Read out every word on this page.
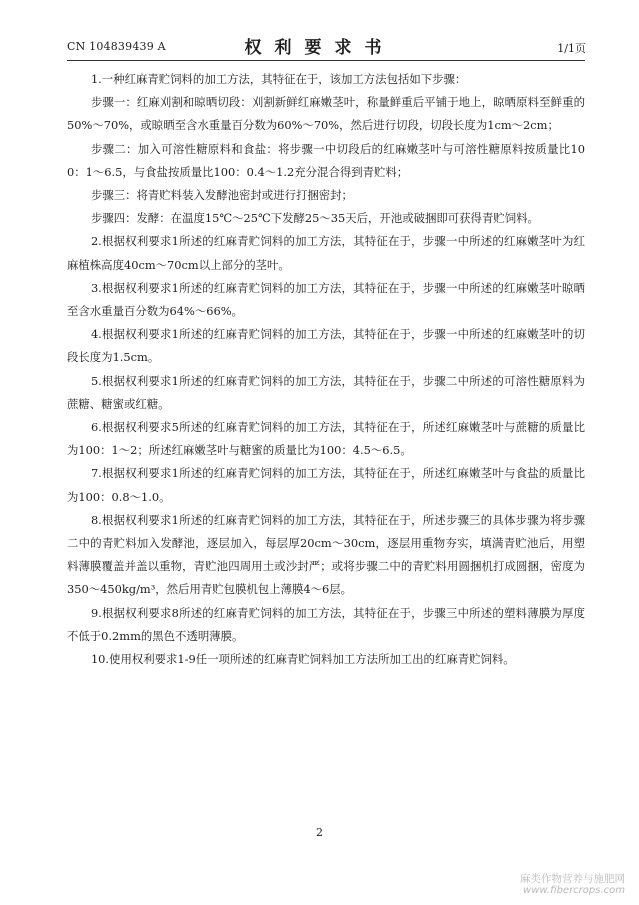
CN 104839439 A	权利要求书	1/1页

1.一种红麻青贮饲料的加工方法，其特征在于，该加工方法包括如下步骤：

步骤一：红麻刈割和晾晒切段：刈割新鲜红麻嫩茎叶，称量鲜重后平铺于地上，晾晒原料至鲜重的50%～70%，或晾晒至含水重量百分数为60%～70%，然后进行切段，切段长度为1cm～2cm；

步骤二：加入可溶性糖原料和食盐：将步骤一中切段后的红麻嫩茎叶与可溶性糖原料按质量比100：1～6.5，与食盐按质量比100：0.4～1.2充分混合得到青贮料；

步骤三：将青贮料装入发酵池密封或进行打捆密封；

步骤四：发酵：在温度15℃～25℃下发酵25～35天后，开池或破捆即可获得青贮饲料。

2.根据权利要求1所述的红麻青贮饲料的加工方法，其特征在于，步骤一中所述的红麻嫩茎叶为红麻植株高度40cm～70cm以上部分的茎叶。

3.根据权利要求1所述的红麻青贮饲料的加工方法，其特征在于，步骤一中所述的红麻嫩茎叶晾晒至含水重量百分数为64%～66%。

4.根据权利要求1所述的红麻青贮饲料的加工方法，其特征在于，步骤一中所述的红麻嫩茎叶的切段长度为1.5cm。

5.根据权利要求1所述的红麻青贮饲料的加工方法，其特征在于，步骤二中所述的可溶性糖原料为蔗糖、糖蜜或红糖。

6.根据权利要求5所述的红麻青贮饲料的加工方法，其特征在于，所述红麻嫩茎叶与蔗糖的质量比为100：1～2；所述红麻嫩茎叶与糖蜜的质量比为100：4.5～6.5。

7.根据权利要求1所述的红麻青贮饲料的加工方法，其特征在于，所述红麻嫩茎叶与食盐的质量比为100：0.8～1.0。

8.根据权利要求1所述的红麻青贮饲料的加工方法，其特征在于，所述步骤三的具体步骤为将步骤二中的青贮料加入发酵池，逐层加入，每层厚20cm～30cm，逐层用重物夯实，填满青贮池后，用塑料薄膜覆盖并盖以重物，青贮池四周用土或沙封严；或将步骤二中的青贮料用圆捆机打成圆捆，密度为350～450kg/m³，然后用青贮包膜机包上薄膜4～6层。

9.根据权利要求8所述的红麻青贮饲料的加工方法，其特征在于，步骤三中所述的塑料薄膜为厚度不低于0.2mm的黑色不透明薄膜。

10.使用权利要求1-9任一项所述的红麻青贮饲料加工方法所加工出的红麻青贮饲料。

2
麻类作物营养与施肥网
www.fibercrops.com
